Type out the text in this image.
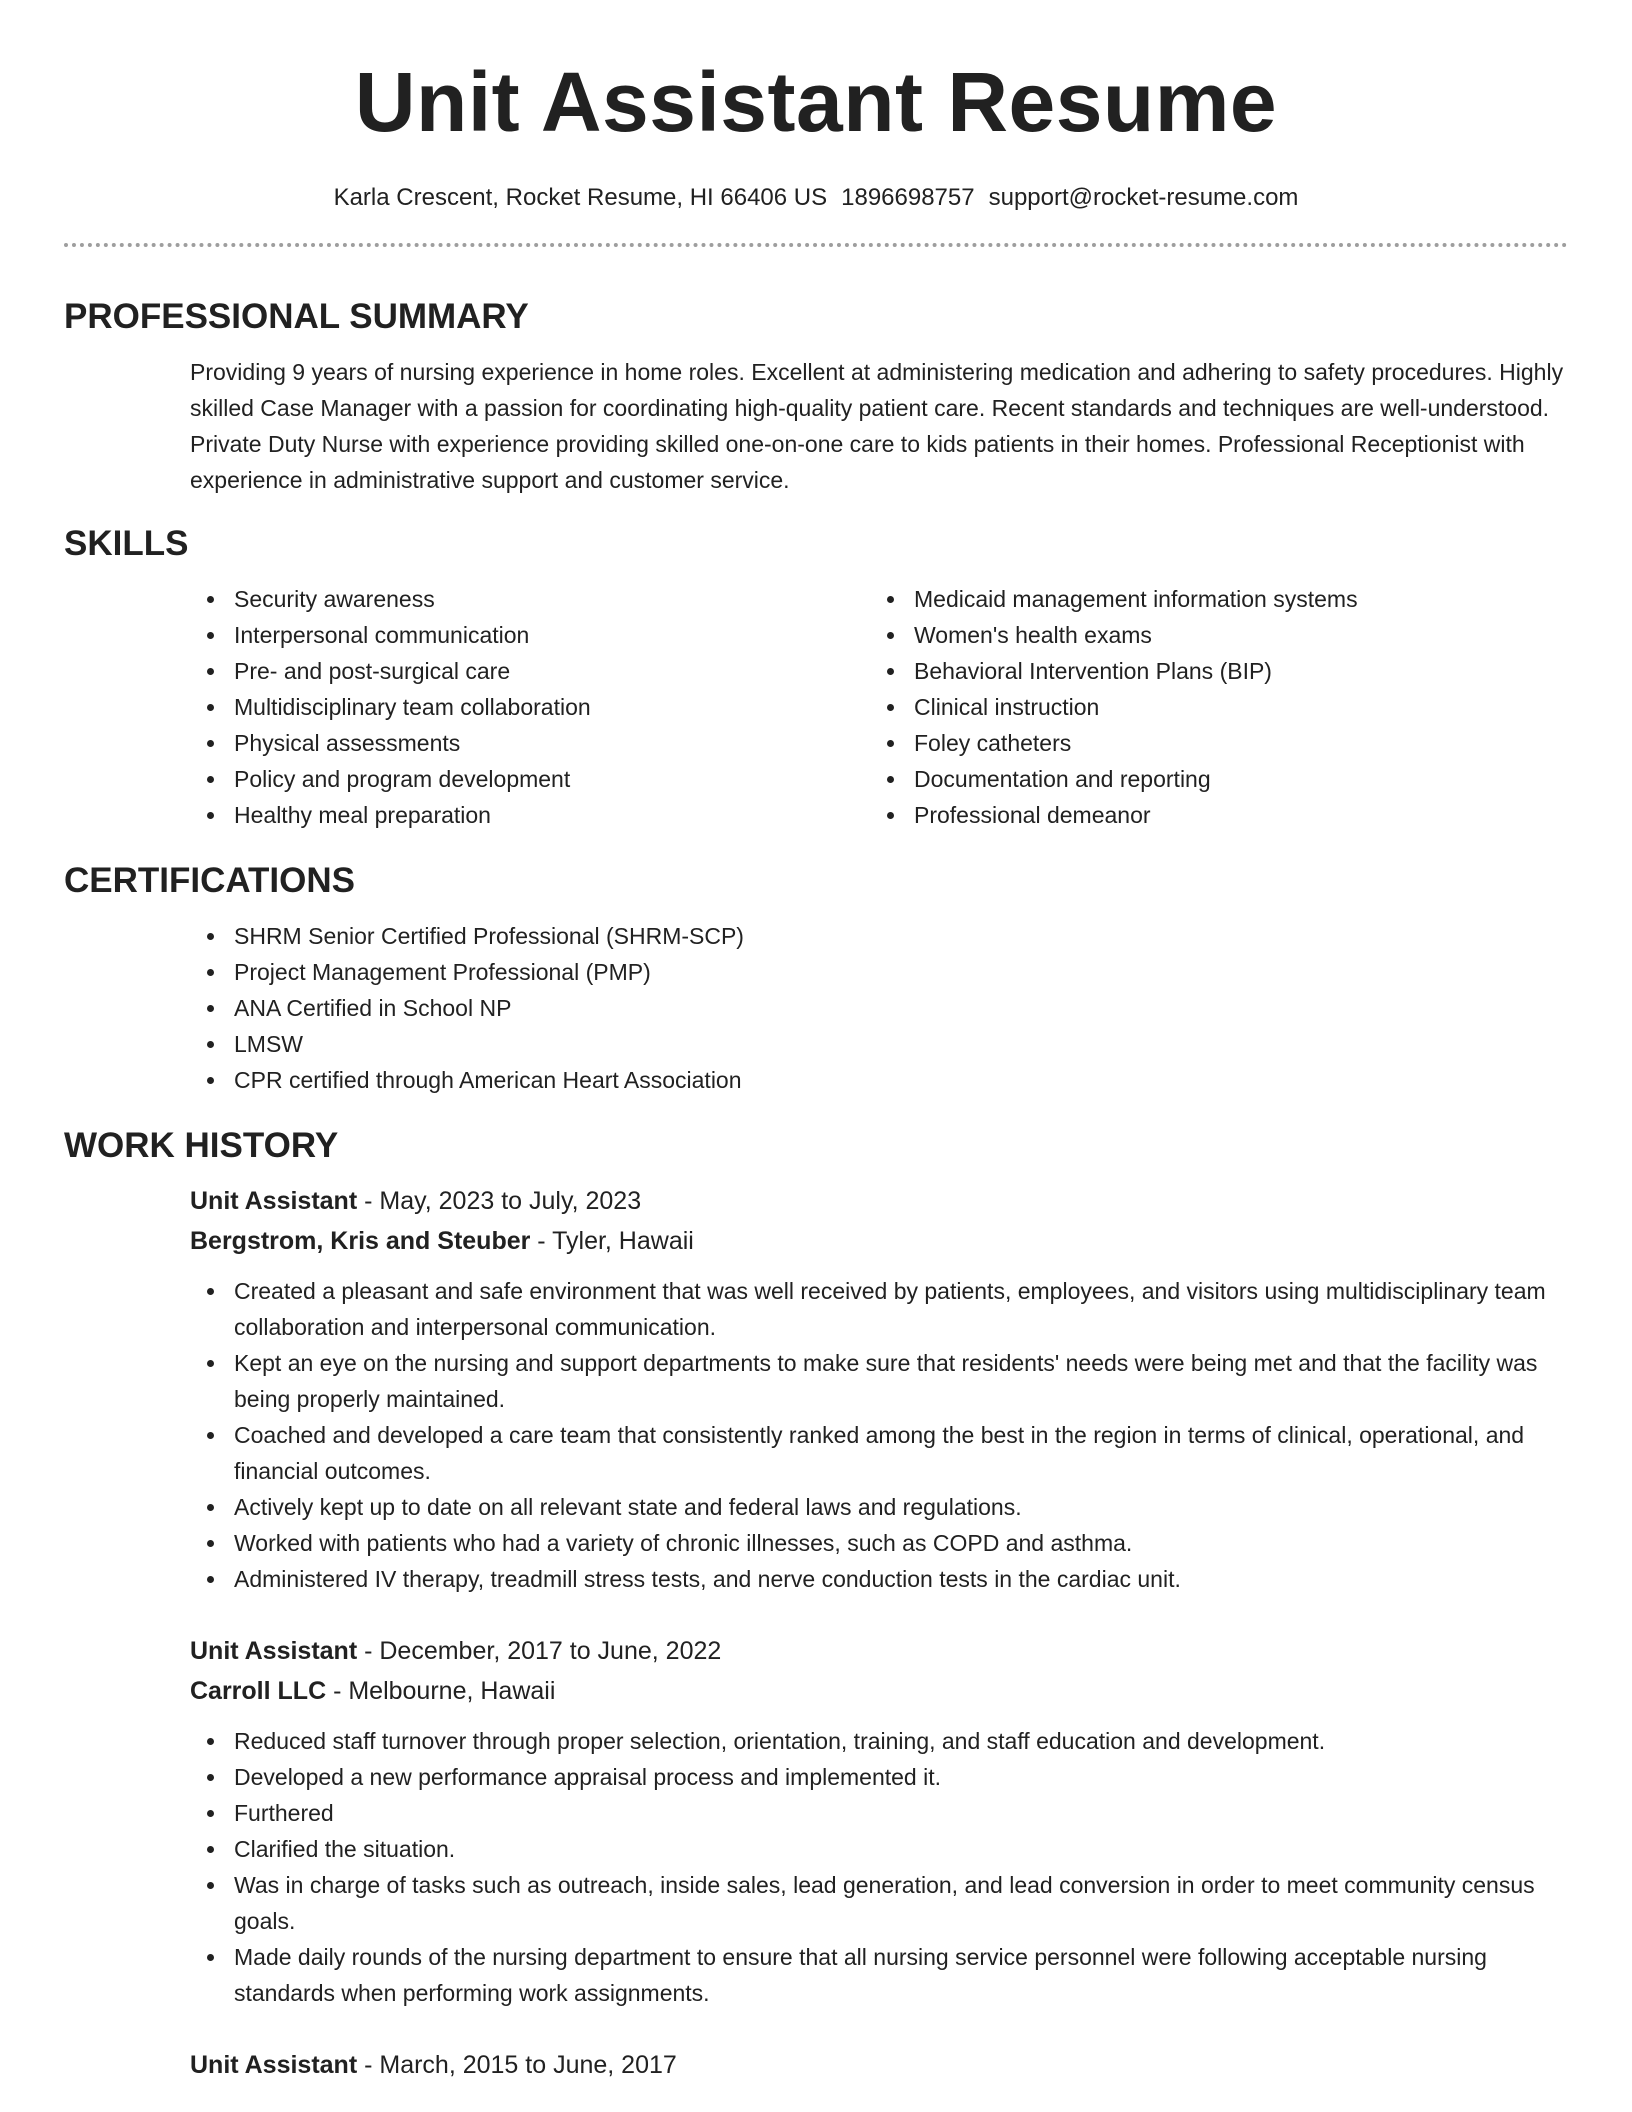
Unit Assistant Resume
Karla Crescent, Rocket Resume, HI 66406 US 1896698757 support@rocket-resume.com
PROFESSIONAL SUMMARY

Providing 9 years of nursing experience in home roles. Excellent at administering medication and adhering to safety procedures. Highly skilled Case Manager with a passion for coordinating high-quality patient care. Recent standards and techniques are well-understood. Private Duty Nurse with experience providing skilled one-on-one care to kids patients in their homes. Professional Receptionist with experience in administrative support and customer service.

SKILLS
Security awareness
Interpersonal communication
Pre- and post-surgical care
Multidisciplinary team collaboration
Physical assessments
Policy and program development
Healthy meal preparation
Medicaid management information systems
Women's health exams
Behavioral Intervention Plans (BIP)
Clinical instruction
Foley catheters
Documentation and reporting
Professional demeanor
CERTIFICATIONS
SHRM Senior Certified Professional (SHRM-SCP)
Project Management Professional (PMP)
ANA Certified in School NP
LMSW
CPR certified through American Heart Association
WORK HISTORY
Unit Assistant - May, 2023 to July, 2023
Bergstrom, Kris and Steuber - Tyler, Hawaii
Created a pleasant and safe environment that was well received by patients, employees, and visitors using multidisciplinary team collaboration and interpersonal communication.
Kept an eye on the nursing and support departments to make sure that residents' needs were being met and that the facility was being properly maintained.
Coached and developed a care team that consistently ranked among the best in the region in terms of clinical, operational, and financial outcomes.
Actively kept up to date on all relevant state and federal laws and regulations.
Worked with patients who had a variety of chronic illnesses, such as COPD and asthma.
Administered IV therapy, treadmill stress tests, and nerve conduction tests in the cardiac unit.
Unit Assistant - December, 2017 to June, 2022
Carroll LLC - Melbourne, Hawaii
Reduced staff turnover through proper selection, orientation, training, and staff education and development.
Developed a new performance appraisal process and implemented it.
Furthered
Clarified the situation.
Was in charge of tasks such as outreach, inside sales, lead generation, and lead conversion in order to meet community census goals.
Made daily rounds of the nursing department to ensure that all nursing service personnel were following acceptable nursing standards when performing work assignments.
Unit Assistant - March, 2015 to June, 2017
